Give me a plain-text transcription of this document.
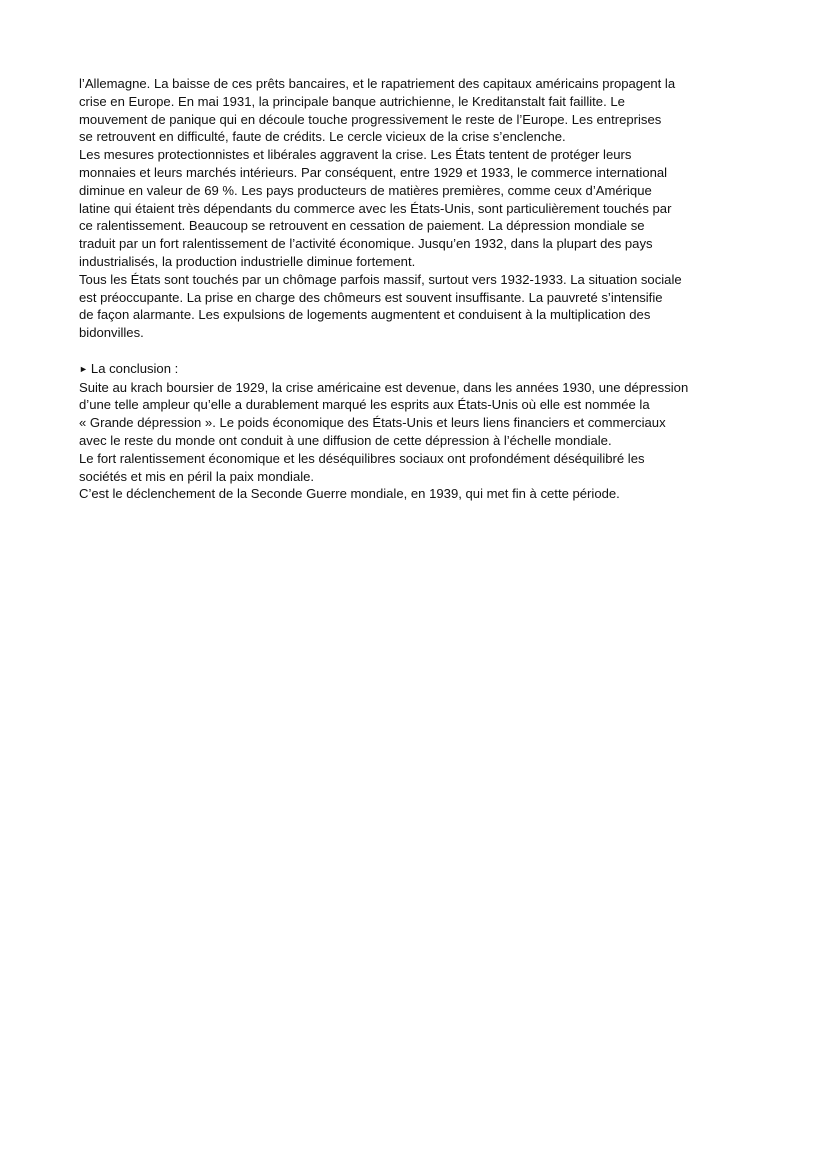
l’Allemagne. La baisse de ces prêts bancaires, et le rapatriement des capitaux américains propagent la
crise en Europe. En mai 1931, la principale banque autrichienne, le Kreditanstalt fait faillite. Le
mouvement de panique qui en découle touche progressivement le reste de l’Europe. Les entreprises
se retrouvent en difficulté, faute de crédits. Le cercle vicieux de la crise s’enclenche.
Les mesures protectionnistes et libérales aggravent la crise. Les États tentent de protéger leurs
monnaies et leurs marchés intérieurs. Par conséquent, entre 1929 et 1933, le commerce international
diminue en valeur de 69 %. Les pays producteurs de matières premières, comme ceux d’Amérique
latine qui étaient très dépendants du commerce avec les États-Unis, sont particulièrement touchés par
ce ralentissement. Beaucoup se retrouvent en cessation de paiement. La dépression mondiale se
traduit par un fort ralentissement de l’activité économique. Jusqu’en 1932, dans la plupart des pays
industrialisés, la production industrielle diminue fortement.
Tous les États sont touchés par un chômage parfois massif, surtout vers 1932-1933. La situation sociale
est préoccupante. La prise en charge des chômeurs est souvent insuffisante. La pauvreté s’intensifie
de façon alarmante. Les expulsions de logements augmentent et conduisent à la multiplication des
bidonvilles.
► La conclusion :
Suite au krach boursier de 1929, la crise américaine est devenue, dans les années 1930, une dépression
d’une telle ampleur qu’elle a durablement marqué les esprits aux États-Unis où elle est nommée la
« Grande dépression ». Le poids économique des États-Unis et leurs liens financiers et commerciaux
avec le reste du monde ont conduit à une diffusion de cette dépression à l’échelle mondiale.
Le fort ralentissement économique et les déséquilibres sociaux ont profondément déséquilibré les
sociétés et mis en péril la paix mondiale.
C’est le déclenchement de la Seconde Guerre mondiale, en 1939, qui met fin à cette période.
